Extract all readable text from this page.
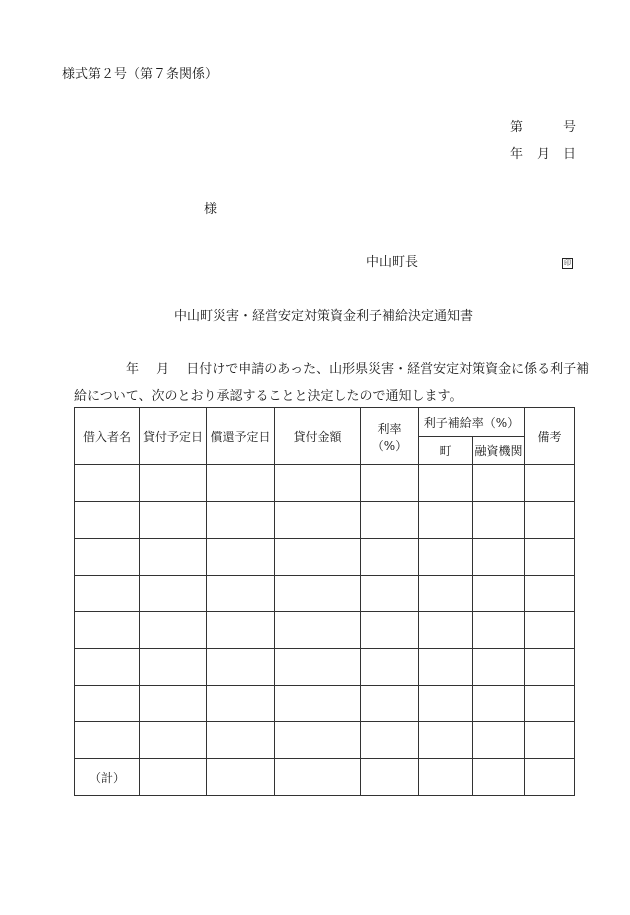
様式第２号（第７条関係）
第	号
年 月 日
様
中山町長	印
中山町災害・経営安定対策資金利子補給決定通知書
年　 月　 日付けで申請のあった、山形県災害・経営安定対策資金に係る利子補
給について、次のとおり承認することと決定したので通知します。
借入者名	貸付予定日	償還予定日	貸付金額	利率	利子補給率（%）		備考
				（%）	町	融資機関	

（計）							
